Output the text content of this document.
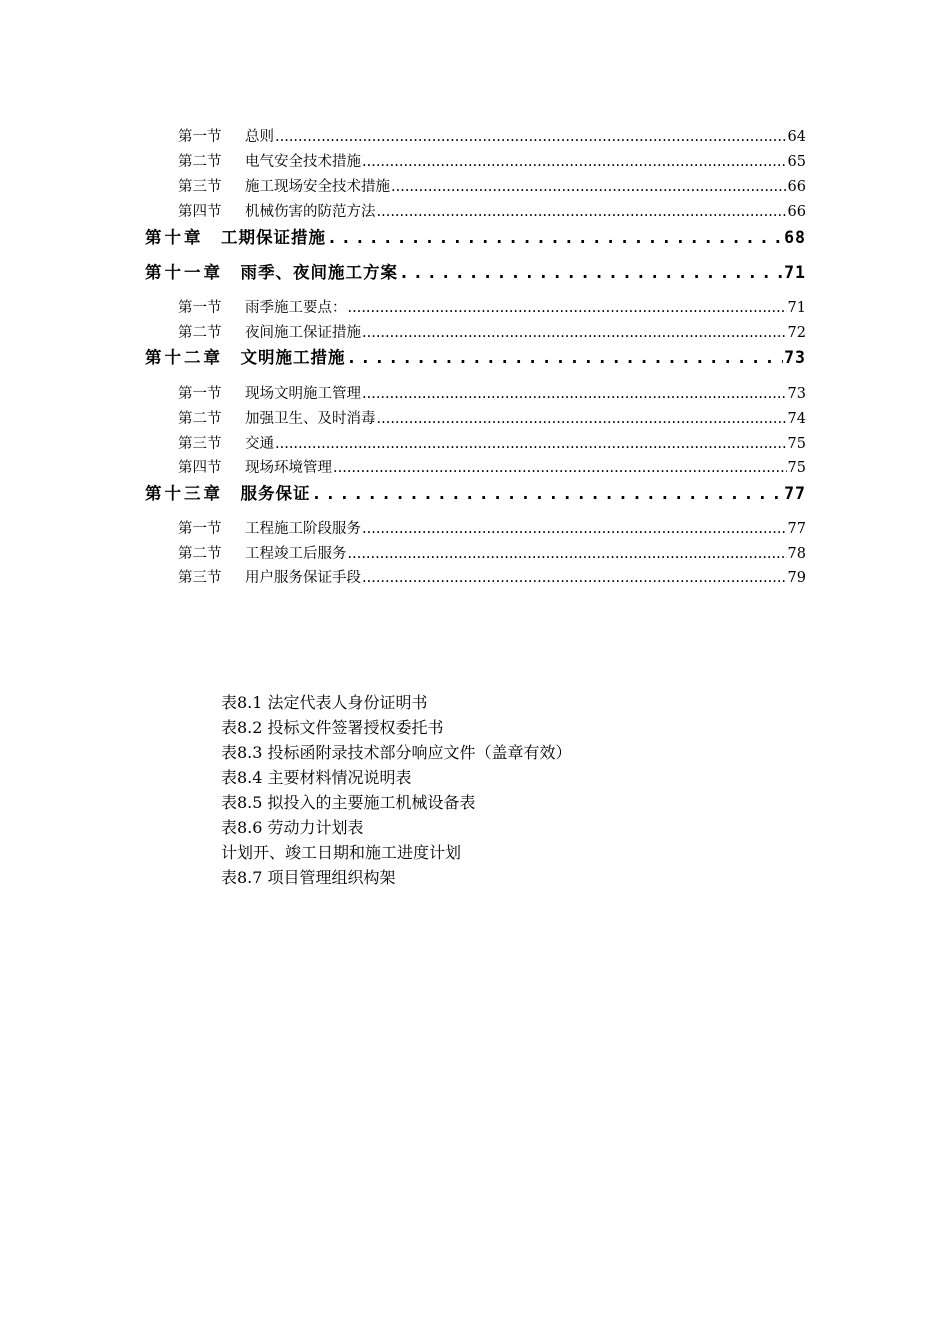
第一节	总则 .....	64
第二节	电气安全技术措施 .....	65
第三节	施工现场安全技术措施 .....	66
第四节	机械伤害的防范方法 .....	66
第十章 工期保证措施 .....	68
第十一章 雨季、夜间施工方案 .....	71
第一节	雨季施工要点： .....	71
第二节	夜间施工保证措施 .....	72
第十二章 文明施工措施 .....	73
第一节	现场文明施工管理 .....	73
第二节	加强卫生、及时消毒 .....	74
第三节	交通 .....	75
第四节	现场环境管理 .....	75
第十三章 服务保证 .....	77
第一节	工程施工阶段服务 .....	77
第二节	工程竣工后服务 .....	78
第三节	用户服务保证手段 .....	79
表8.1 法定代表人身份证明书
表8.2 投标文件签署授权委托书
表8.3 投标函附录技术部分响应文件（盖章有效）
表8.4 主要材料情况说明表
表8.5 拟投入的主要施工机械设备表
表8.6 劳动力计划表
计划开、竣工日期和施工进度计划
表8.7 项目管理组织构架
